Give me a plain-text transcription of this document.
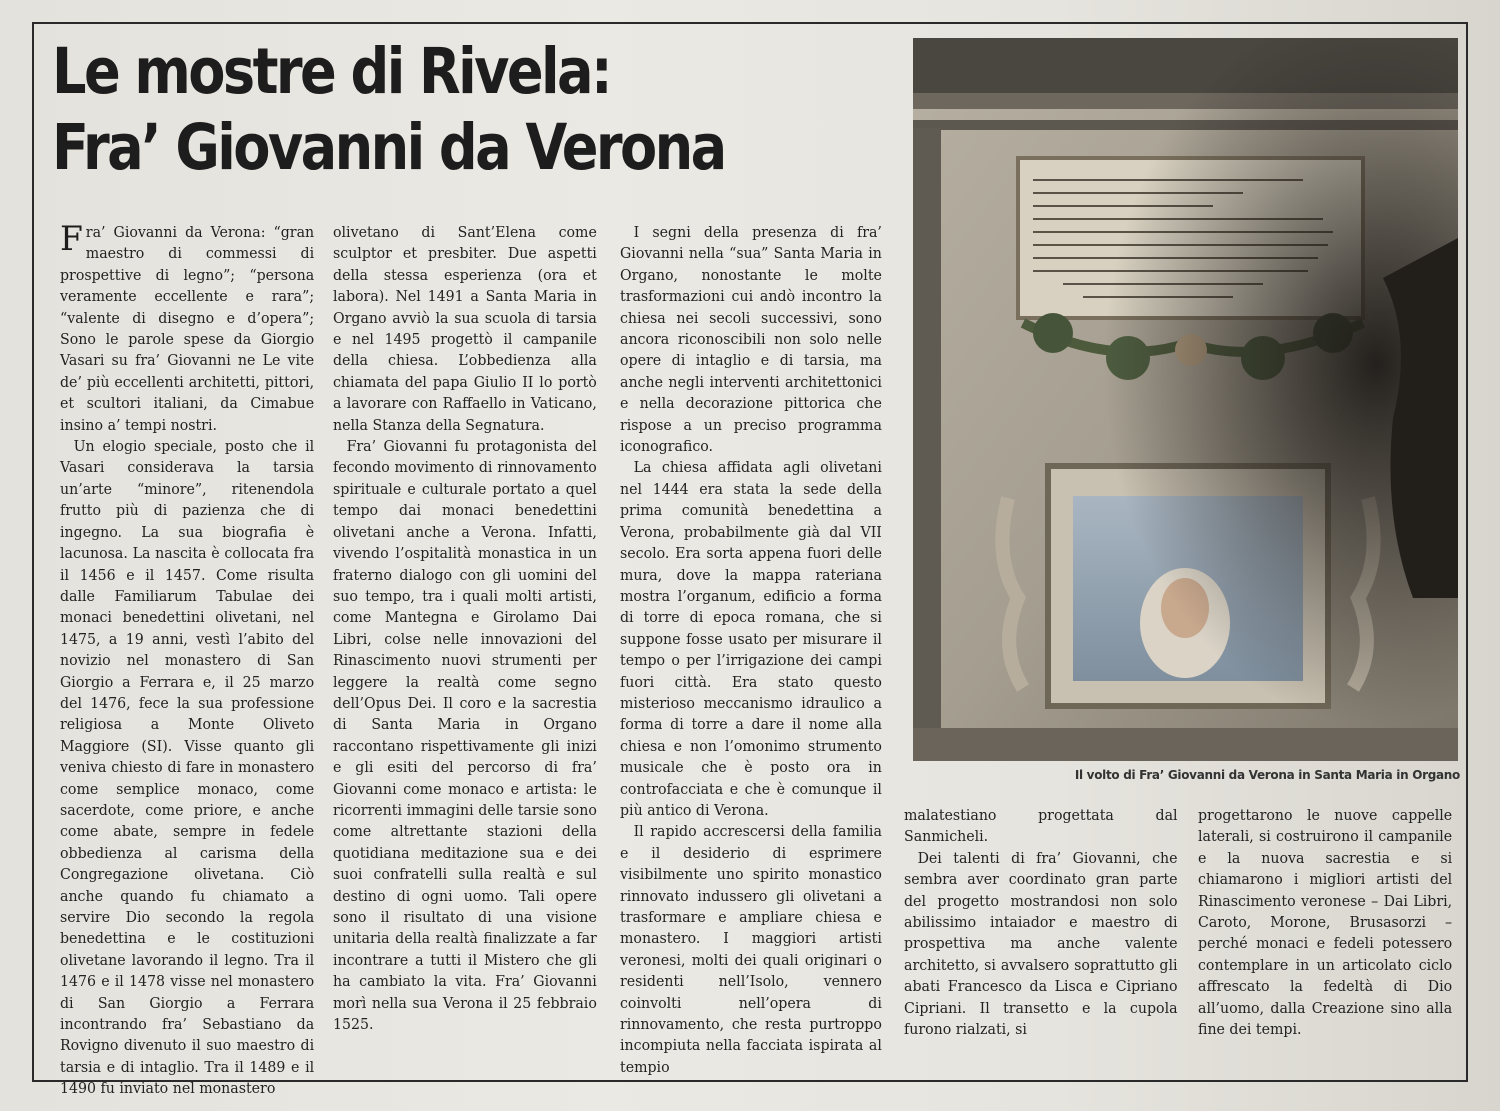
Le mostre di Rivela:
Fra’ Giovanni da Verona

Fra’ Giovanni da Verona: “gran maestro di commessi di prospettive di legno”; “persona veramente eccellente e rara”; “valente di disegno e d’opera”; Sono le parole spese da Giorgio Vasari su fra’ Giovanni ne Le vite de’ più eccellenti architetti, pittori, et scultori italiani, da Cimabue insino a’ tempi nostri.

Un elogio speciale, posto che il Vasari considerava la tarsia un’arte “minore”, ritenendola frutto più di pazienza che di ingegno. La sua biografia è lacunosa. La nascita è collocata fra il 1456 e il 1457. Come risulta dalle Familiarum Tabulae dei monaci benedettini olivetani, nel 1475, a 19 anni, vestì l’abito del novizio nel monastero di San Giorgio a Ferrara e, il 25 marzo del 1476, fece la sua professione religiosa a Monte Oliveto Maggiore (SI). Visse quanto gli veniva chiesto di fare in monastero come semplice monaco, come sacerdote, come priore, e anche come abate, sempre in fedele obbedienza al carisma della Congregazione olivetana. Ciò anche quando fu chiamato a servire Dio secondo la regola benedettina e le costituzioni olivetane lavorando il legno. Tra il 1476 e il 1478 visse nel monastero di San Giorgio a Ferrara incontrando fra’ Sebastiano da Rovigno divenuto il suo maestro di tarsia e di intaglio. Tra il 1489 e il 1490 fu inviato nel monastero

olivetano di Sant’Elena come sculptor et presbiter. Due aspetti della stessa esperienza (ora et labora). Nel 1491 a Santa Maria in Organo avviò la sua scuola di tarsia e nel 1495 progettò il campanile della chiesa. L’obbedienza alla chiamata del papa Giulio II lo portò a lavorare con Raffaello in Vaticano, nella Stanza della Segnatura.

Fra’ Giovanni fu protagonista del fecondo movimento di rinnovamento spirituale e culturale portato a quel tempo dai monaci benedettini olivetani anche a Verona. Infatti, vivendo l’ospitalità monastica in un fraterno dialogo con gli uomini del suo tempo, tra i quali molti artisti, come Mantegna e Girolamo Dai Libri, colse nelle innovazioni del Rinascimento nuovi strumenti per leggere la realtà come segno dell’Opus Dei. Il coro e la sacrestia di Santa Maria in Organo raccontano rispettivamente gli inizi e gli esiti del percorso di fra’ Giovanni come monaco e artista: le ricorrenti immagini delle tarsie sono come altrettante stazioni della quotidiana meditazione sua e dei suoi confratelli sulla realtà e sul destino di ogni uomo. Tali opere sono il risultato di una visione unitaria della realtà finalizzate a far incontrare a tutti il Mistero che gli ha cambiato la vita. Fra’ Giovanni morì nella sua Verona il 25 febbraio 1525.

I segni della presenza di fra’ Giovanni nella “sua” Santa Maria in Organo, nonostante le molte trasformazioni cui andò incontro la chiesa nei secoli successivi, sono ancora riconoscibili non solo nelle opere di intaglio e di tarsia, ma anche negli interventi architettonici e nella decorazione pittorica che rispose a un preciso programma iconografico.

La chiesa affidata agli olivetani nel 1444 era stata la sede della prima comunità benedettina a Verona, probabilmente già dal VII secolo. Era sorta appena fuori delle mura, dove la mappa rateriana mostra l’organum, edificio a forma di torre di epoca romana, che si suppone fosse usato per misurare il tempo o per l’irrigazione dei campi fuori città. Era stato questo misterioso meccanismo idraulico a forma di torre a dare il nome alla chiesa e non l’omonimo strumento musicale che è posto ora in controfacciata e che è comunque il più antico di Verona.

Il rapido accrescersi della familia e il desiderio di esprimere visibilmente uno spirito monastico rinnovato indussero gli olivetani a trasformare e ampliare chiesa e monastero. I maggiori artisti veronesi, molti dei quali originari o residenti nell’Isolo, vennero coinvolti nell’opera di rinnovamento, che resta purtroppo incompiuta nella facciata ispirata al tempio

Il volto di Fra’ Giovanni da Verona in Santa Maria in Organo

malatestiano progettata dal Sanmicheli.

Dei talenti di fra’ Giovanni, che sembra aver coordinato gran parte del progetto mostrandosi non solo abilissimo intaiador e maestro di prospettiva ma anche valente architetto, si avvalsero soprattutto gli abati Francesco da Lisca e Cipriano Cipriani. Il transetto e la cupola furono rialzati, si

progettarono le nuove cappelle laterali, si costruirono il campanile e la nuova sacrestia e si chiamarono i migliori artisti del Rinascimento veronese – Dai Libri, Caroto, Morone, Brusasorzi – perché monaci e fedeli potessero contemplare in un articolato ciclo affrescato la fedeltà di Dio all’uomo, dalla Creazione sino alla fine dei tempi.
